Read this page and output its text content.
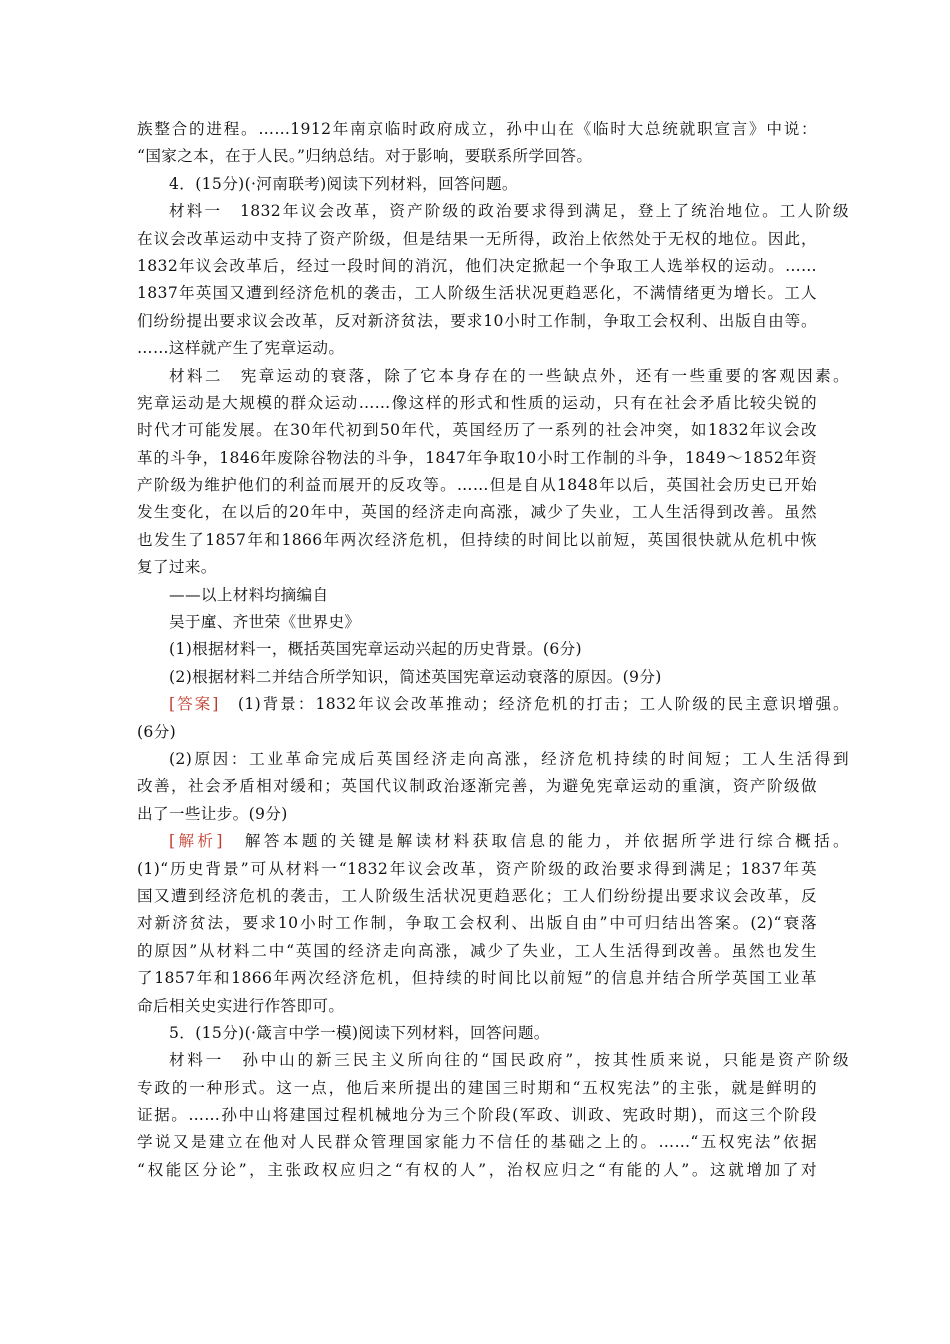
族整合的进程。……1912年南京临时政府成立，孙中山在《临时大总统就职宣言》中说：
“国家之本，在于人民。”归纳总结。对于影响，要联系所学回答。
4．(15分)(·河南联考)阅读下列材料，回答问题。
材料一　1832年议会改革，资产阶级的政治要求得到满足，登上了统治地位。工人阶级
在议会改革运动中支持了资产阶级，但是结果一无所得，政治上依然处于无权的地位。因此，
1832年议会改革后，经过一段时间的消沉，他们决定掀起一个争取工人选举权的运动。……
1837年英国又遭到经济危机的袭击，工人阶级生活状况更趋恶化，不满情绪更为增长。工人
们纷纷提出要求议会改革，反对新济贫法，要求10小时工作制，争取工会权利、出版自由等。
……这样就产生了宪章运动。
材料二　宪章运动的衰落，除了它本身存在的一些缺点外，还有一些重要的客观因素。
宪章运动是大规模的群众运动……像这样的形式和性质的运动，只有在社会矛盾比较尖锐的
时代才可能发展。在30年代初到50年代，英国经历了一系列的社会冲突，如1832年议会改
革的斗争，1846年废除谷物法的斗争，1847年争取10小时工作制的斗争，1849～1852年资
产阶级为维护他们的利益而展开的反攻等。……但是自从1848年以后，英国社会历史已开始
发生变化，在以后的20年中，英国的经济走向高涨，减少了失业，工人生活得到改善。虽然
也发生了1857年和1866年两次经济危机，但持续的时间比以前短，英国很快就从危机中恢
复了过来。
——以上材料均摘编自
吴于廑、齐世荣《世界史》
(1)根据材料一，概括英国宪章运动兴起的历史背景。(6分)
(2)根据材料二并结合所学知识，简述英国宪章运动衰落的原因。(9分)
[答案]　(1)背景：1832年议会改革推动；经济危机的打击；工人阶级的民主意识增强。
(6分)
(2)原因：工业革命完成后英国经济走向高涨，经济危机持续的时间短；工人生活得到
改善，社会矛盾相对缓和；英国代议制政治逐渐完善，为避免宪章运动的重演，资产阶级做
出了一些让步。(9分)
[解析]　解答本题的关键是解读材料获取信息的能力，并依据所学进行综合概括。
(1)“历史背景”可从材料一“1832年议会改革，资产阶级的政治要求得到满足；1837年英
国又遭到经济危机的袭击，工人阶级生活状况更趋恶化；工人们纷纷提出要求议会改革，反
对新济贫法，要求10小时工作制，争取工会权利、出版自由”中可归结出答案。(2)“衰落
的原因”从材料二中“英国的经济走向高涨，减少了失业，工人生活得到改善。虽然也发生
了1857年和1866年两次经济危机，但持续的时间比以前短”的信息并结合所学英国工业革
命后相关史实进行作答即可。
5．(15分)(·箴言中学一模)阅读下列材料，回答问题。
材料一　孙中山的新三民主义所向往的“国民政府”，按其性质来说，只能是资产阶级
专政的一种形式。这一点，他后来所提出的建国三时期和“五权宪法”的主张，就是鲜明的
证据。……孙中山将建国过程机械地分为三个阶段(军政、训政、宪政时期)，而这三个阶段
学说又是建立在他对人民群众管理国家能力不信任的基础之上的。……“五权宪法”依据
“权能区分论”，主张政权应归之“有权的人”，治权应归之“有能的人”。这就增加了对
